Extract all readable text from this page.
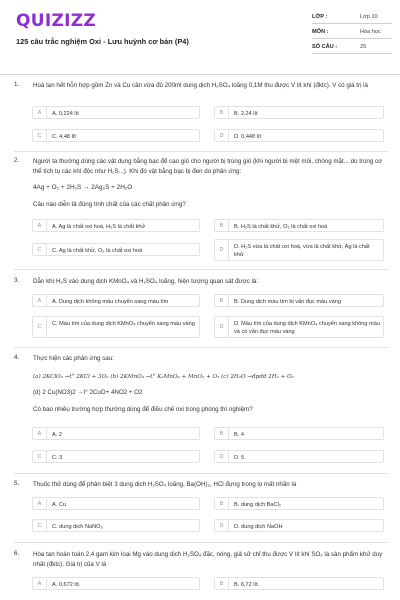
QUIZIZZ
125 câu trắc nghiệm Oxi - Lưu huỳnh cơ bản (P4)
LỚP :	Lớp 10
MÔN :	Hóa học
SỐ CÂU :	25
1. Hoà tan hết hỗn hợp gồm Zn và Cu cần vừa đủ 200ml dung dịch H₂SO₄ loãng 0,1M thu được V lít khí (đktc). V có giá trị là
A	A. 0,224 lít	B	B. 2,24 lít
C	C. 4,48 lít	D	D. 0,448 lít
2. Người ta thường dùng các vật dụng bằng bạc để cạo gió cho người bị trúng gió (khi người bị mệt mỏi, chóng mặt... do trong cơ thể tích tụ các khí độc như H₂S...). Khi đó vật bằng bạc bị đen do phản ứng:
4Ag + O₂ + 2H₂S → 2Ag₂S + 2H₂O
Câu nào diễn tả đúng tính chất của các chất phản ứng?
A	A. Ag là chất oxi hoá, H₂S là chất khử	B	B. H₂S là chất khử, O₂ là chất oxi hoá
C	C. Ag là chất khử, O₂ là chất oxi hoá	D	D. H₂S vừa là chất oxi hoá, vừa là chất khử, Ag là chất khử
3. Dẫn khí H₂S vào dung dịch KMnO₄ và H₂SO₄ loãng, hiện tượng quan sát được là:
A	A. Dung dịch không màu chuyển sang màu tím	B	B. Dung dịch màu tím bị vẩn đục màu vàng
C	C. Màu tím của dung dịch KMnO₄ chuyển sang màu vàng	D	D. Màu tím của dung dịch KMnO₄ chuyển sang không màu và có vẩn đục màu vàng
4. Thực hiện các phản ứng sau:
(a) 2KClO₃ →t° 2KCl + 3O₂ (b) 2KMnO₄ →t° K₂MnO₄ + MnO₂ + O₂ (c) 2H₂O →đpdd 2H₂ + O₂
(d) 2 Cu(NO3)2 →t° 2CuO+ 4NO2 + O2
Có bao nhiêu trường hợp thường dùng để điều chế oxi trong phòng thí nghiệm?
A	A. 2	B	B. 4
C	C. 3	D	D. 5
5. Thuốc thử dùng để phân biệt 3 dung dịch H₂SO₄ loãng, Ba(OH)₂, HCl đựng trong lọ mất nhãn là
A	A. Cu	B	B. dung dịch BaCl₂
C	C. dung dịch NaNO₃	D	D. dung dịch NaOH
6. Hòa tan hoàn toàn 2,4 gam kim loại Mg vào dung dịch H₂SO₄ đặc, nóng, giả sử chỉ thu được V lít khí SO₂ là sản phẩm khử duy nhất (đktc). Giá trị của V là
A	A. 0,672 lít.	B	B. 6,72 lít.
